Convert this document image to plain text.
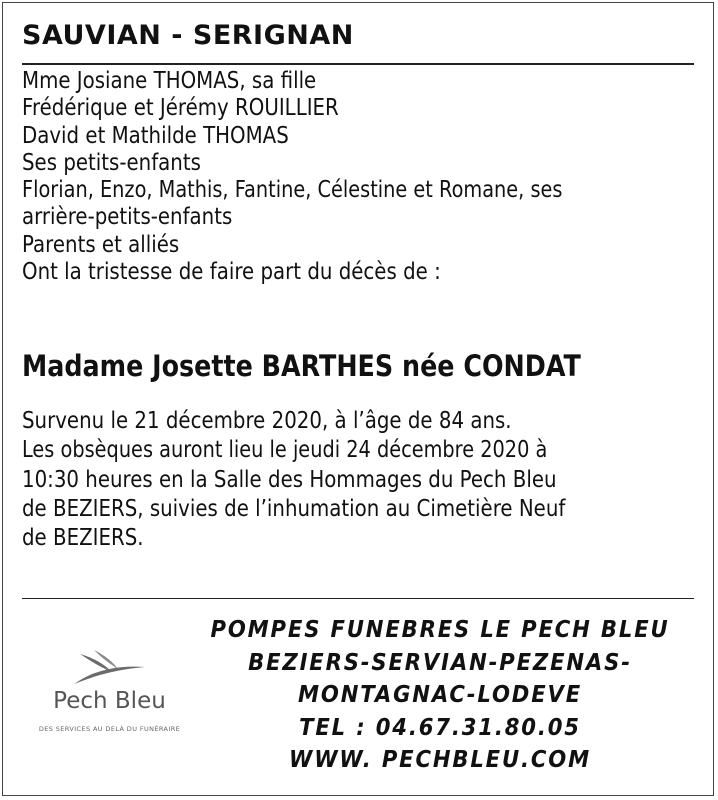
SAUVIAN - SERIGNAN
Mme Josiane THOMAS, sa fille
Frédérique et Jérémy ROUILLIER
David et Mathilde THOMAS
Ses petits-enfants
Florian, Enzo, Mathis, Fantine, Célestine et Romane, ses
arrière-petits-enfants
Parents et alliés
Ont la tristesse de faire part du décès de :
Madame Josette BARTHES née CONDAT
Survenu le 21 décembre 2020, à l’âge de 84 ans.
Les obsèques auront lieu le jeudi 24 décembre 2020 à
10:30 heures en la Salle des Hommages du Pech Bleu
de BEZIERS, suivies de l’inhumation au Cimetière Neuf
de BEZIERS.
Pech Bleu
DES SERVICES AU DELÀ DU FUNÉRAIRE
POMPES FUNEBRES LE PECH BLEU
BEZIERS-SERVIAN-PEZENAS-
MONTAGNAC-LODEVE
TEL : 04.67.31.80.05
WWW. PECHBLEU.COM
